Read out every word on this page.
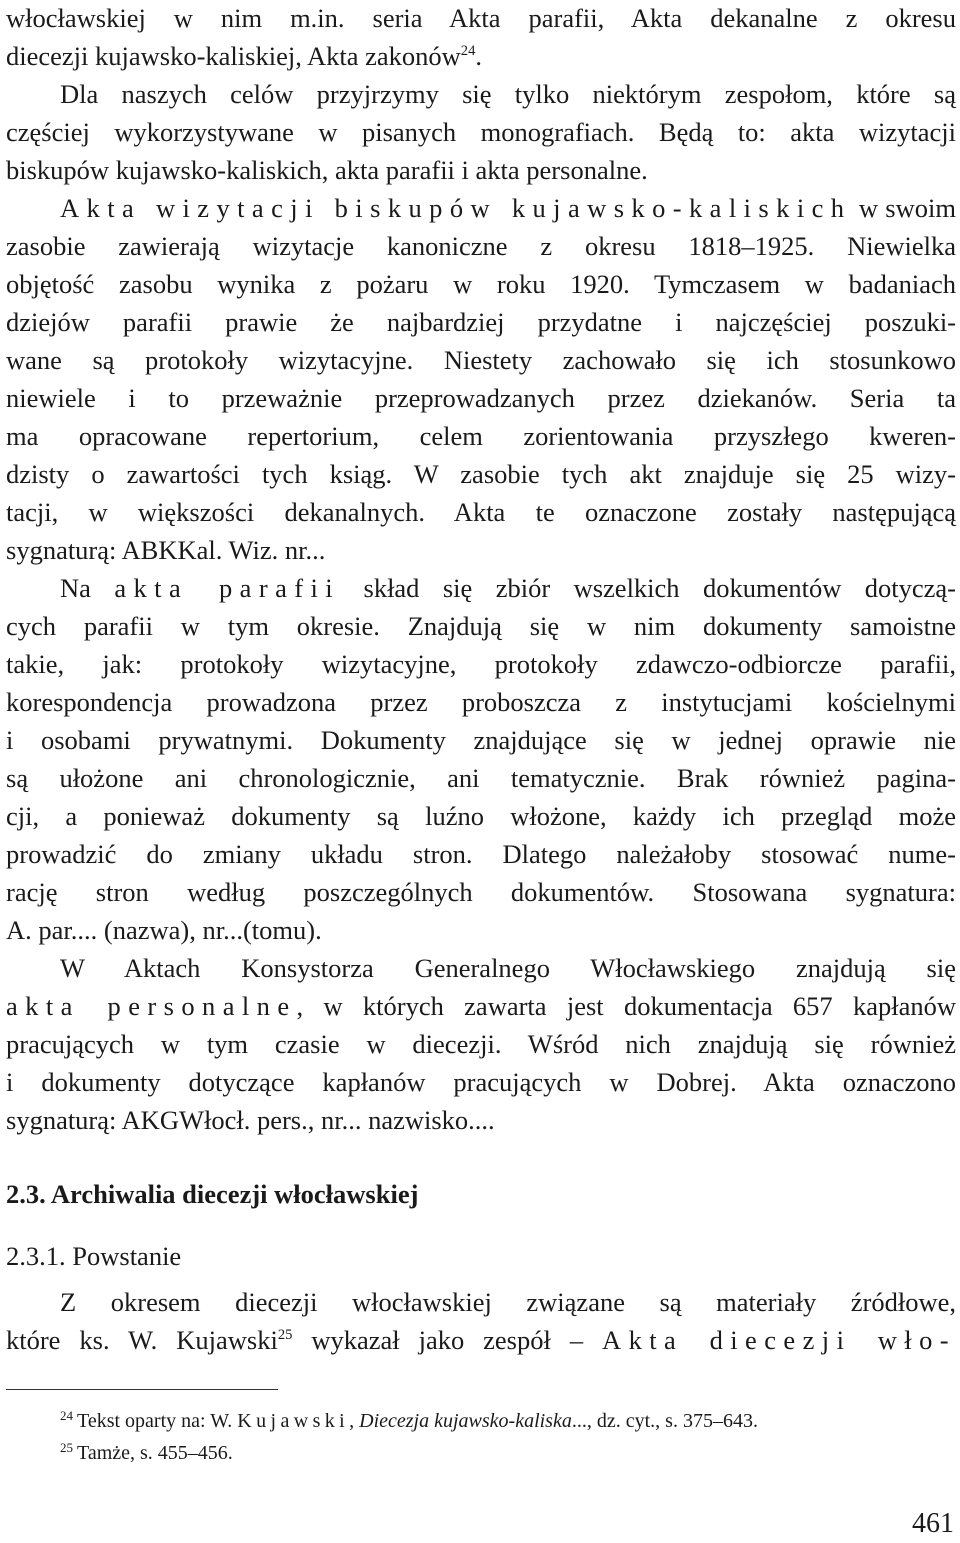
włocławskiej w nim m.in. seria Akta parafii, Akta dekanalne z okresu
diecezji kujawsko-kaliskiej, Akta zakonów$^{24}$.
Dla naszych celów przyjrzymy się tylko niektórym zespołom, które są
częściej wykorzystywane w pisanych monografiach. Będą to: akta wizytacji
biskupów kujawsko-kaliskich, akta parafii i akta personalne.
Akta wizytacji biskupów kujawsko-kaliskich w swoim
zasobie zawierają wizytacje kanoniczne z okresu 1818–1925. Niewielka
objętość zasobu wynika z pożaru w roku 1920. Tymczasem w badaniach
dziejów parafii prawie że najbardziej przydatne i najczęściej poszuki-
wane są protokoły wizytacyjne. Niestety zachowało się ich stosunkowo
niewiele i to przeważnie przeprowadzanych przez dziekanów. Seria ta
ma opracowane repertorium, celem zorientowania przyszłego kweren-
dzisty o zawartości tych ksiąg. W zasobie tych akt znajduje się 25 wizy-
tacji, w większości dekanalnych. Akta te oznaczone zostały następującą
sygnaturą: ABKKal. Wiz. nr...
Na akta parafii skład się zbiór wszelkich dokumentów dotyczą-
cych parafii w tym okresie. Znajdują się w nim dokumenty samoistne
takie, jak: protokoły wizytacyjne, protokoły zdawczo-odbiorcze parafii,
korespondencja prowadzona przez proboszcza z instytucjami kościelnymi
i osobami prywatnymi. Dokumenty znajdujące się w jednej oprawie nie
są ułożone ani chronologicznie, ani tematycznie. Brak również pagina-
cji, a ponieważ dokumenty są luźno włożone, każdy ich przegląd może
prowadzić do zmiany układu stron. Dlatego należałoby stosować nume-
rację stron według poszczególnych dokumentów. Stosowana sygnatura:
A. par.... (nazwa), nr...(tomu).
W Aktach Konsystorza Generalnego Włocławskiego znajdują się
akta personalne, w których zawarta jest dokumentacja 657 kapłanów
pracujących w tym czasie w diecezji. Wśród nich znajdują się również
i dokumenty dotyczące kapłanów pracujących w Dobrej. Akta oznaczono
sygnaturą: AKGWłocł. pers., nr... nazwisko....
2.3. Archiwalia diecezji włocławskiej
2.3.1. Powstanie
Z okresem diecezji włocławskiej związane są materiały źródłowe,
które ks. W. Kujawski$^{25}$ wykazał jako zespół – Akta diecezji wło-
$^{24}$ Tekst oparty na: W. Kujawski, Diecezja kujawsko-kaliska..., dz. cyt., s. 375–643.
$^{25}$ Tamże, s. 455–456.
461
